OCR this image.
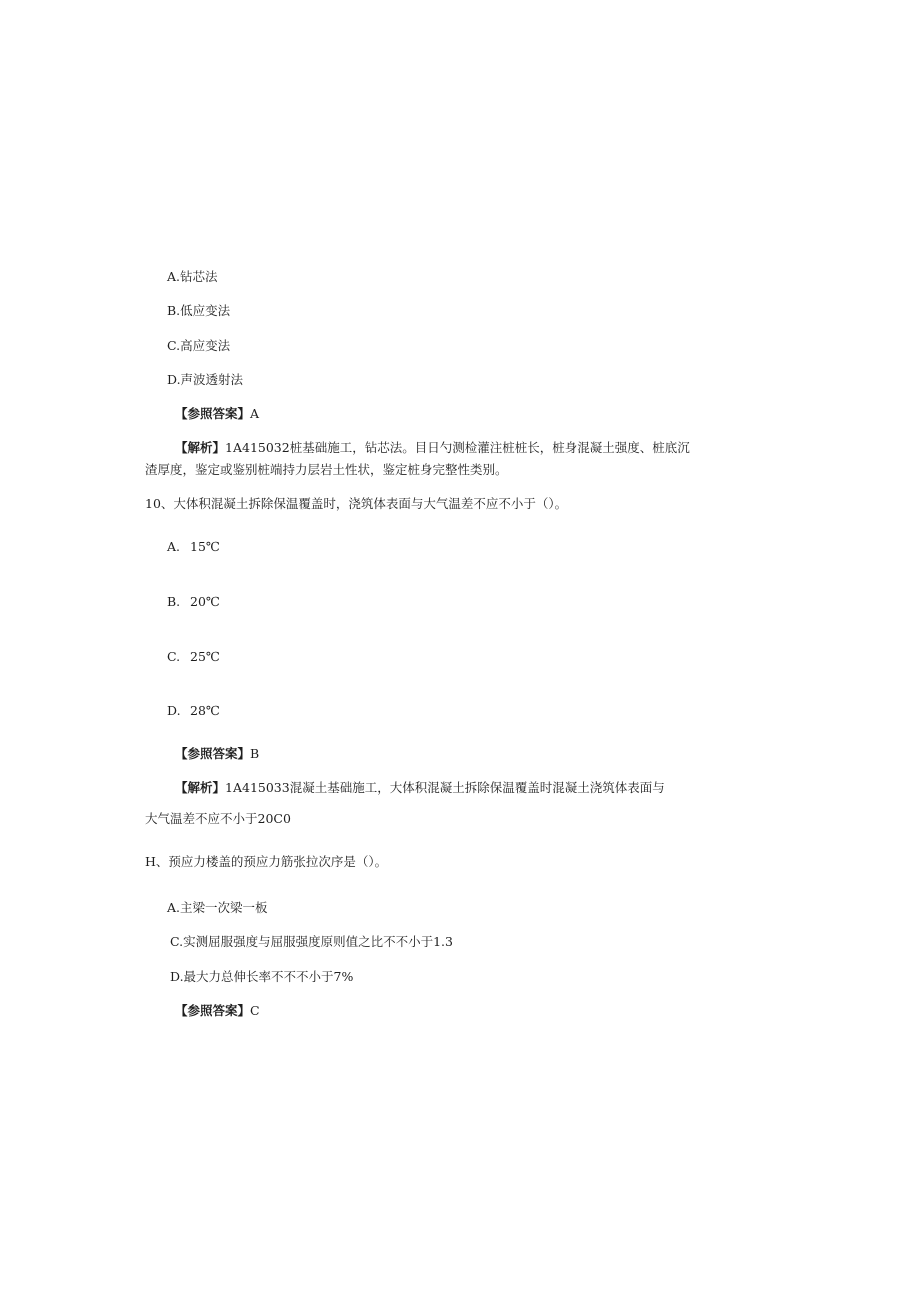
A.钻芯法
B.低应变法
C.高应变法
D.声波透射法
【参照答案】A
【解析】1A415032桩基础施工，钻芯法。目日勺测检灌注桩桩长，桩身混凝土强度、桩底沉
渣厚度，鉴定或鉴别桩端持力层岩土性状，鉴定桩身完整性类别。
10、大体积混凝土拆除保温覆盖时，浇筑体表面与大气温差不应不小于（）。
A. 15℃
B. 20℃
C. 25℃
D. 28℃
【参照答案】B
【解析】1A415033混凝土基础施工，大体积混凝土拆除保温覆盖时混凝土浇筑体表面与
大气温差不应不小于20C0
H、预应力楼盖的预应力筋张拉次序是（）。
A.主梁一次梁一板
C.实测屈服强度与屈服强度原则值之比不不小于1.3
D.最大力总伸长率不不不小于7%
【参照答案】C
